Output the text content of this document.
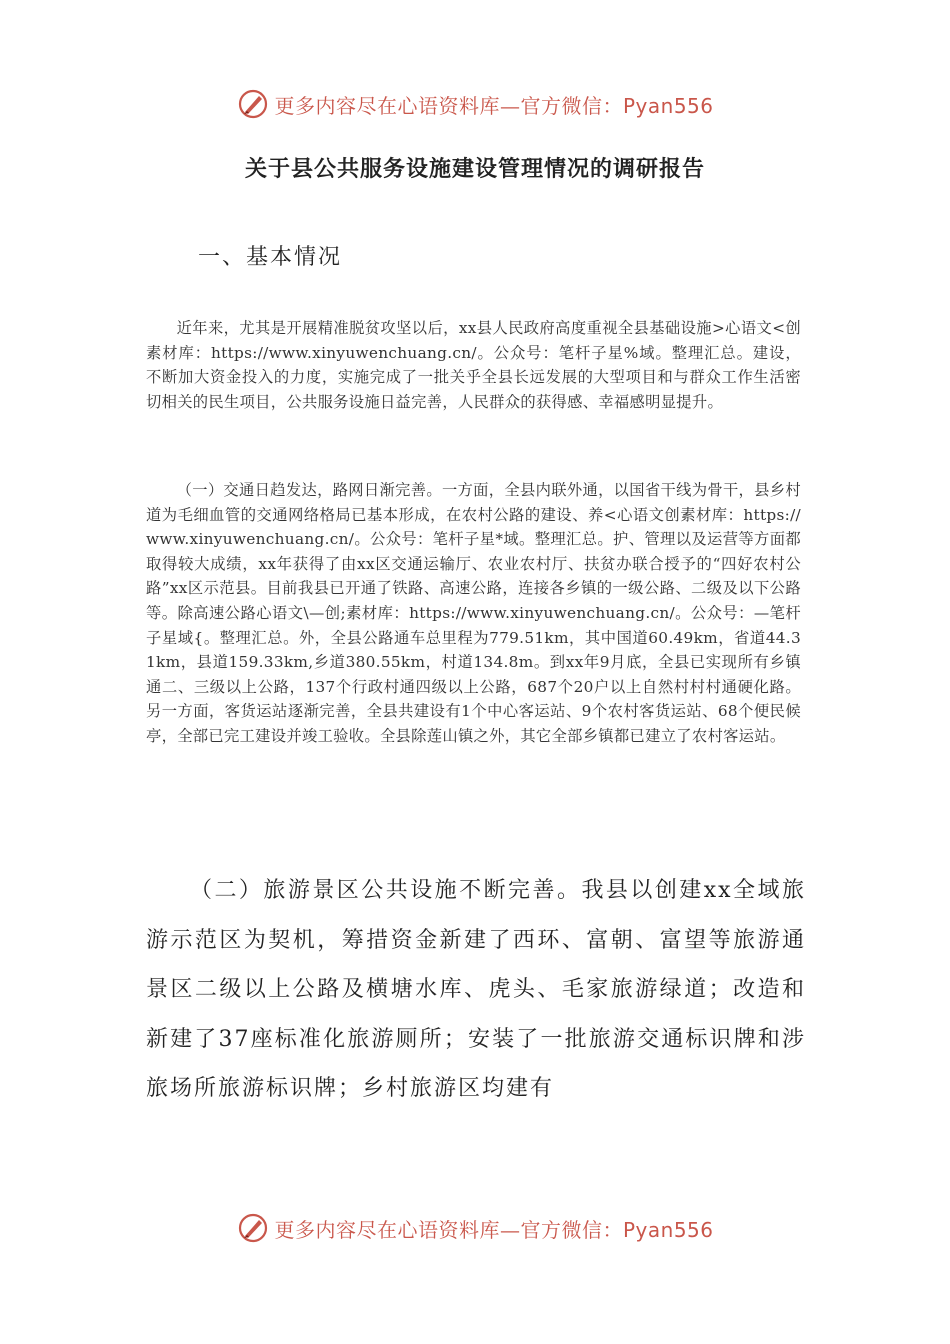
更多内容尽在心语资料库—官方微信：Pyan556
关于县公共服务设施建设管理情况的调研报告
一、基本情况
近年来，尤其是开展精准脱贫攻坚以后，xx县人民政府高度重视全县基础设施>心语文<创素材库：https://www.xinyuwenchuang.cn/。公众号：笔杆子星%域。整理汇总。建设，不断加大资金投入的力度，实施完成了一批关乎全县长远发展的大型项目和与群众工作生活密切相关的民生项目，公共服务设施日益完善，人民群众的获得感、幸福感明显提升。
（一）交通日趋发达，路网日渐完善。一方面，全县内联外通，以国省干线为骨干，县乡村道为毛细血管的交通网络格局已基本形成，在农村公路的建设、养<心语文创素材库：https://www.xinyuwenchuang.cn/。公众号：笔杆子星*域。整理汇总。护、管理以及运营等方面都取得较大成绩，xx年获得了由xx区交通运输厅、农业农村厅、扶贫办联合授予的“四好农村公路”xx区示范县。目前我县已开通了铁路、高速公路，连接各乡镇的一级公路、二级及以下公路等。除高速公路心语文\—创;素材库：https://www.xinyuwenchuang.cn/。公众号：—笔杆子星域{。整理汇总。外，全县公路通车总里程为779.51km，其中国道60.49km，省道44.31km，县道159.33km,乡道380.55km，村道134.8m。到xx年9月底，全县已实现所有乡镇通二、三级以上公路，137个行政村通四级以上公路，687个20户以上自然村村村通硬化路。另一方面，客货运站逐渐完善，全县共建设有1个中心客运站、9个农村客货运站、68个便民候亭，全部已完工建设并竣工验收。全县除莲山镇之外，其它全部乡镇都已建立了农村客运站。
（二）旅游景区公共设施不断完善。我县以创建xx全域旅游示范区为契机，筹措资金新建了西环、富朝、富望等旅游通景区二级以上公路及横塘水库、虎头、毛家旅游绿道；改造和新建了37座标准化旅游厕所；安装了一批旅游交通标识牌和涉旅场所旅游标识牌；乡村旅游区均建有
更多内容尽在心语资料库—官方微信：Pyan556
